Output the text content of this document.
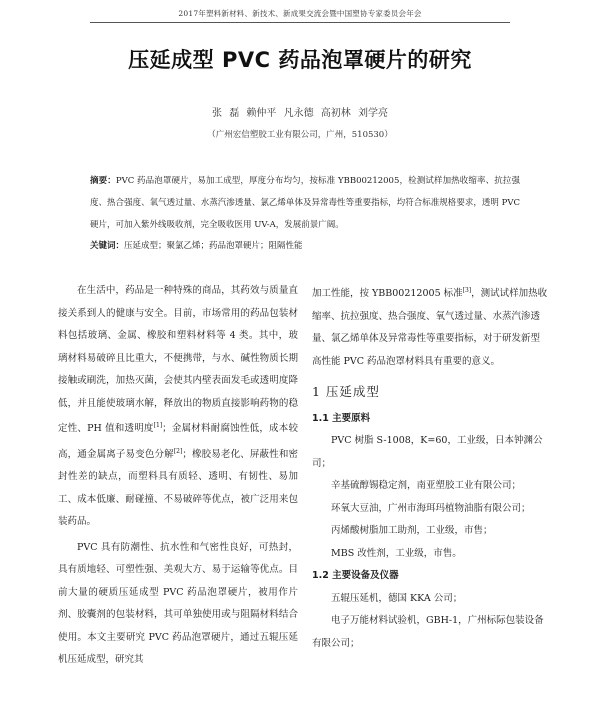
2017年塑料新材料、新技术、新成果交流会暨中国塑协专家委员会年会
压延成型 PVC 药品泡罩硬片的研究
张 磊 赖仲平 凡永德 高初林 刘学亮
（广州宏信塑胶工业有限公司，广州，510530）
摘要：PVC 药品泡罩硬片，易加工成型，厚度分布均匀，按标准 YBB00212005，检测试样加热收缩率、抗拉强度、热合强度、氧气透过量、水蒸汽渗透量、氯乙烯单体及异常毒性等重要指标，均符合标准规格要求，透明 PVC 硬片，可加入紫外线吸收剂，完全吸收医用 UV-A，发展前景广阔。
关键词：压延成型；聚氯乙烯；药品泡罩硬片；阻隔性能

在生活中，药品是一种特殊的商品，其药效与质量直接关系到人的健康与安全。目前，市场常用的药品包装材料包括玻璃、金属、橡胶和塑料材料等 4 类。其中，玻璃材料易破碎且比重大，不便携带，与水、碱性物质长期接触或刷洗，加热灭菌，会使其内壁表面发毛或透明度降低，并且能使玻璃水解，释放出的物质直接影响药物的稳定性、PH 值和透明度[1]；金属材料耐腐蚀性低，成本较高，通金属离子易变色分解[2]；橡胶易老化、屏蔽性和密封性差的缺点，而塑料具有质轻、透明、有韧性、易加工、成本低廉、耐碰撞、不易破碎等优点，被广泛用来包装药品。

PVC 具有防潮性、抗水性和气密性良好，可热封，具有质地轻、可塑性强、美观大方、易于运输等优点。目前大量的硬质压延成型 PVC 药品泡罩硬片，被用作片剂、胶囊剂的包装材料，其可单独使用或与阻隔材料结合使用。本文主要研究 PVC 药品泡罩硬片，通过五辊压延机压延成型，研究其

加工性能，按 YBB00212005 标准[3]，测试试样加热收缩率、抗拉强度、热合强度、氧气透过量、水蒸汽渗透量、氯乙烯单体及异常毒性等重要指标，对于研发新型高性能 PVC 药品泡罩材料具有重要的意义。

1 压延成型
1.1 主要原料

PVC 树脂 S-1008，K=60，工业级，日本钟渊公司；

辛基硫醇锡稳定剂，南亚塑胶工业有限公司；

环氧大豆油，广州市海珥玛植物油脂有限公司；

丙烯酸树脂加工助剂，工业级，市售；

MBS 改性剂，工业级，市售。

1.2 主要设备及仪器

五辊压延机，德国 KKA 公司；

电子万能材料试验机，GBH-1，广州标际包装设备有限公司；
